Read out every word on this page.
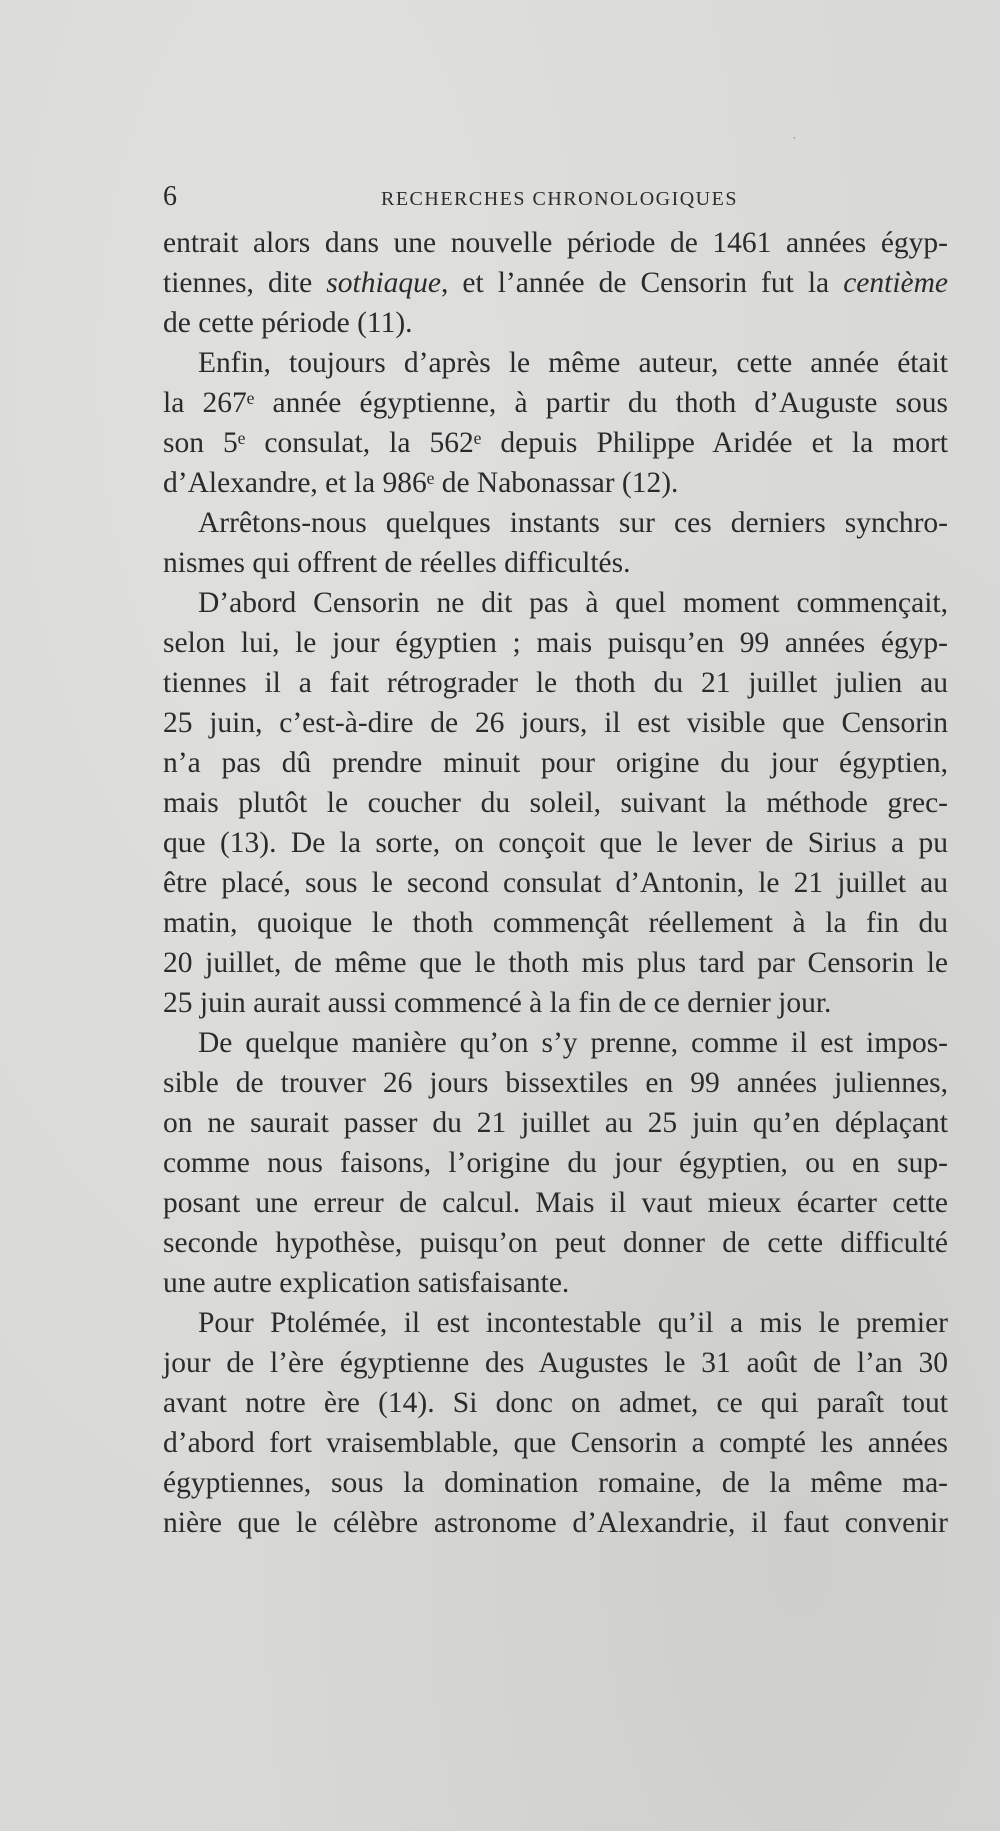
˙
6	RECHERCHES CHRONOLOGIQUES
entrait alors dans une nouvelle période de 1461 années égyp-
tiennes, dite sothiaque, et l’année de Censorin fut la centième
de cette période (11).
Enfin, toujours d’après le même auteur, cette année était
la 267ᵉ année égyptienne, à partir du thoth d’Auguste sous
son 5ᵉ consulat, la 562ᵉ depuis Philippe Aridée et la mort
d’Alexandre, et la 986ᵉ de Nabonassar (12).
Arrêtons-nous quelques instants sur ces derniers synchro-
nismes qui offrent de réelles difficultés.
D’abord Censorin ne dit pas à quel moment commençait,
selon lui, le jour égyptien ; mais puisqu’en 99 années égyp-
tiennes il a fait rétrograder le thoth du 21 juillet julien au
25 juin, c’est-à-dire de 26 jours, il est visible que Censorin
n’a pas dû prendre minuit pour origine du jour égyptien,
mais plutôt le coucher du soleil, suivant la méthode grec-
que (13). De la sorte, on conçoit que le lever de Sirius a pu
être placé, sous le second consulat d’Antonin, le 21 juillet au
matin, quoique le thoth commençât réellement à la fin du
20 juillet, de même que le thoth mis plus tard par Censorin le
25 juin aurait aussi commencé à la fin de ce dernier jour.
De quelque manière qu’on s’y prenne, comme il est impos-
sible de trouver 26 jours bissextiles en 99 années juliennes,
on ne saurait passer du 21 juillet au 25 juin qu’en déplaçant
comme nous faisons, l’origine du jour égyptien, ou en sup-
posant une erreur de calcul. Mais il vaut mieux écarter cette
seconde hypothèse, puisqu’on peut donner de cette difficulté
une autre explication satisfaisante.
Pour Ptolémée, il est incontestable qu’il a mis le premier
jour de l’ère égyptienne des Augustes le 31 août de l’an 30
avant notre ère (14). Si donc on admet, ce qui paraît tout
d’abord fort vraisemblable, que Censorin a compté les années
égyptiennes, sous la domination romaine, de la même ma-
nière que le célèbre astronome d’Alexandrie, il faut convenir
